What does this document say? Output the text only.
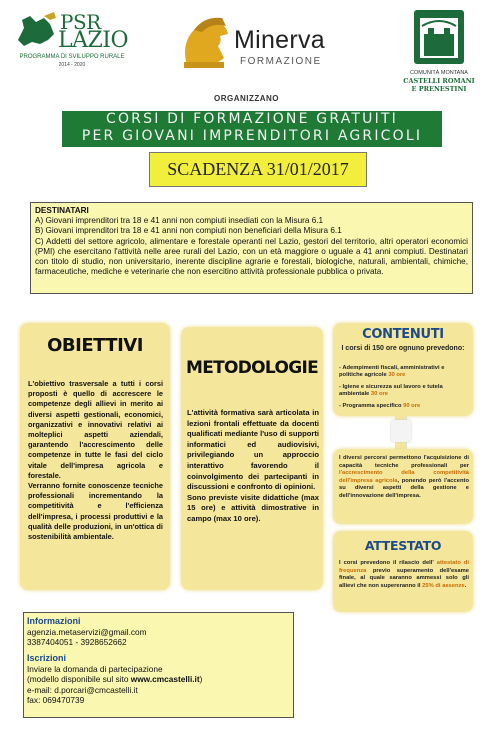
PSR
LAZIO
PROGRAMMA DI SVILUPPO RURALE
2014 - 2020
Minerva
FORMAZIONE
COMUNITÀ MONTANA
CASTELLI ROMANI
E PRENESTINI
ORGANIZZANO
CORSI DI FORMAZIONE GRATUITI
PER GIOVANI IMPRENDITORI AGRICOLI
SCADENZA 31/01/2017
DESTINATARI
A) Giovani imprenditori tra 18 e 41 anni non compiuti insediati con la Misura 6.1
B) Giovani imprenditori tra 18 e 41 anni non compiuti non beneficiari della Misura 6.1
C) Addetti del settore agricolo, alimentare e forestale operanti nel Lazio, gestori del territorio, altri operatori economici (PMI) che esercitano l'attività nelle aree rurali del Lazio, con un età maggiore o uguale a 41 anni compiuti. Destinatari con titolo di studio, non universitario, inerente discipline agrarie e forestali, biologiche, naturali, ambientali, chimiche, farmaceutiche, mediche e veterinarie che non esercitino attività professionale pubblica o privata.
OBIETTIVI
L'obiettivo trasversale a tutti i corsi proposti è quello di accrescere le competenze degli allievi in merito ai diversi aspetti gestionali, economici, organizzativi e innovativi relativi ai molteplici aspetti aziendali, garantendo l'accrescimento delle competenze in tutte le fasi del ciclo vitale dell'impresa agricola e forestale.
Verranno fornite conoscenze tecniche professionali incrementando la competitività e l'efficienza dell'impresa, i processi produttivi e la qualità delle produzioni, in un'ottica di sostenibilità ambientale.
METODOLOGIE
L'attività formativa sarà articolata in lezioni frontali effettuate da docenti qualificati mediante l'uso di supporti informatici ed audiovisivi, privilegiando un approccio interattivo favorendo il coinvolgimento dei partecipanti in discussioni e confronto di opinioni.
Sono previste visite didattiche (max 15 ore) e attività dimostrative in campo (max 10 ore).
CONTENUTI
I corsi di 150 ore ognuno prevedono:
- Adempimenti fiscali, amministrativi e politiche agricole 30 ore
- Igiene e sicurezza sul lavoro e tutela ambientale 30 ore
- Programma specifico 90 ore
I diversi percorsi permettono l'acquisizione di capacità tecniche professionali per l'accrescimento della competitività dell'impresa agricola, ponendo però l'accento su diversi aspetti della gestione e dell'innovazione dell'impresa.
ATTESTATO
I corsi prevedono il rilascio dell' attestato di frequenza previo superamento dell'esame finale, al quale saranno ammessi solo gli allievi che non supereranno il 25% di assenze.
Informazioni
agenzia.metaservizi@gmail.com
3387404051 - 3928652662
Iscrizioni
Inviare la domanda di partecipazione
(modello disponibile sul sito www.cmcastelli.it)
e-mail: d.porcari@cmcastelli.it
fax: 069470739
